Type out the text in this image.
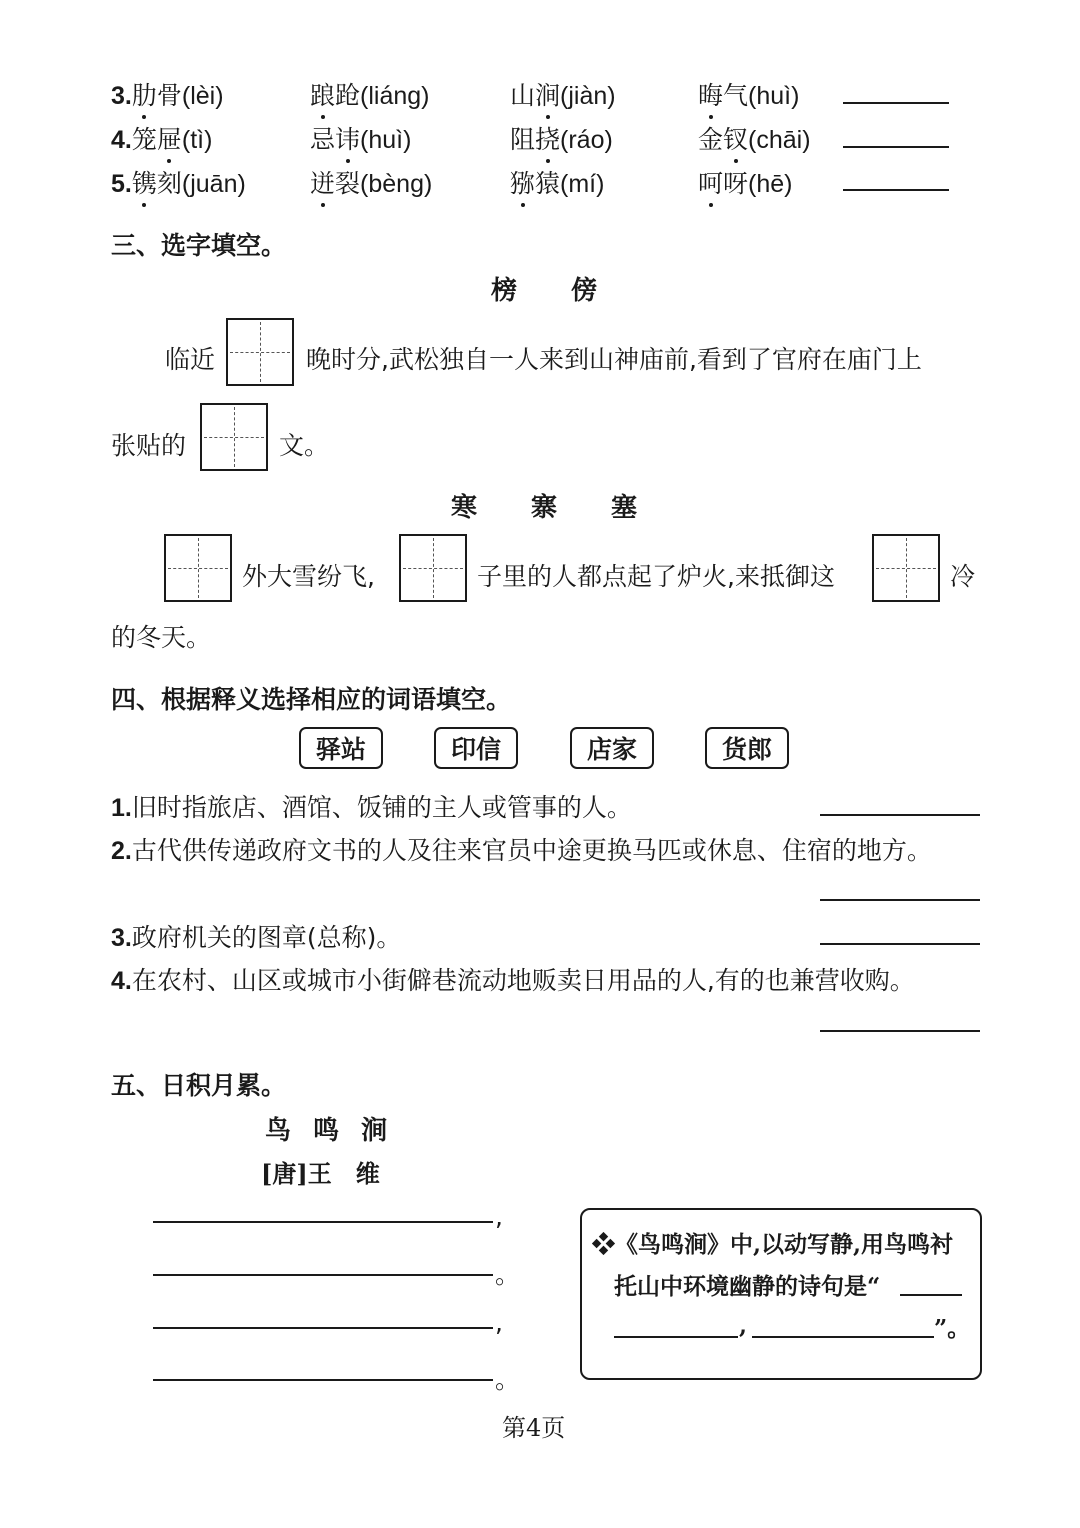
3.肋骨(lèi)	踉跄(liáng)	山涧(jiàn)	晦气(huì)
4.笼屉(tì)	忌讳(huì)	阻挠(ráo)	金钗(chāi)
5.镌刻(juān)	迸裂(bèng)	猕猿(mí)	呵呀(hē)
三、选字填空。
榜 傍
临近	晚时分,武松独自一人来到山神庙前,看到了官府在庙门上
张贴的	文。
寒 寨 塞
外大雪纷飞,	子里的人都点起了炉火,来抵御这	冷
的冬天。
四、根据释义选择相应的词语填空。
驿站	印信	店家	货郎
1.旧时指旅店、酒馆、饭铺的主人或管事的人。
2.古代供传递政府文书的人及往来官员中途更换马匹或休息、住宿的地方。
3.政府机关的图章(总称)。
4.在农村、山区或城市小街僻巷流动地贩卖日用品的人,有的也兼营收购。
五、日积月累。
鸟鸣涧
[唐]王　维
,
。
,
。
❖《鸟鸣涧》中,以动写静,用鸟鸣衬
托山中环境幽静的诗句是“
,	”。
第4页
